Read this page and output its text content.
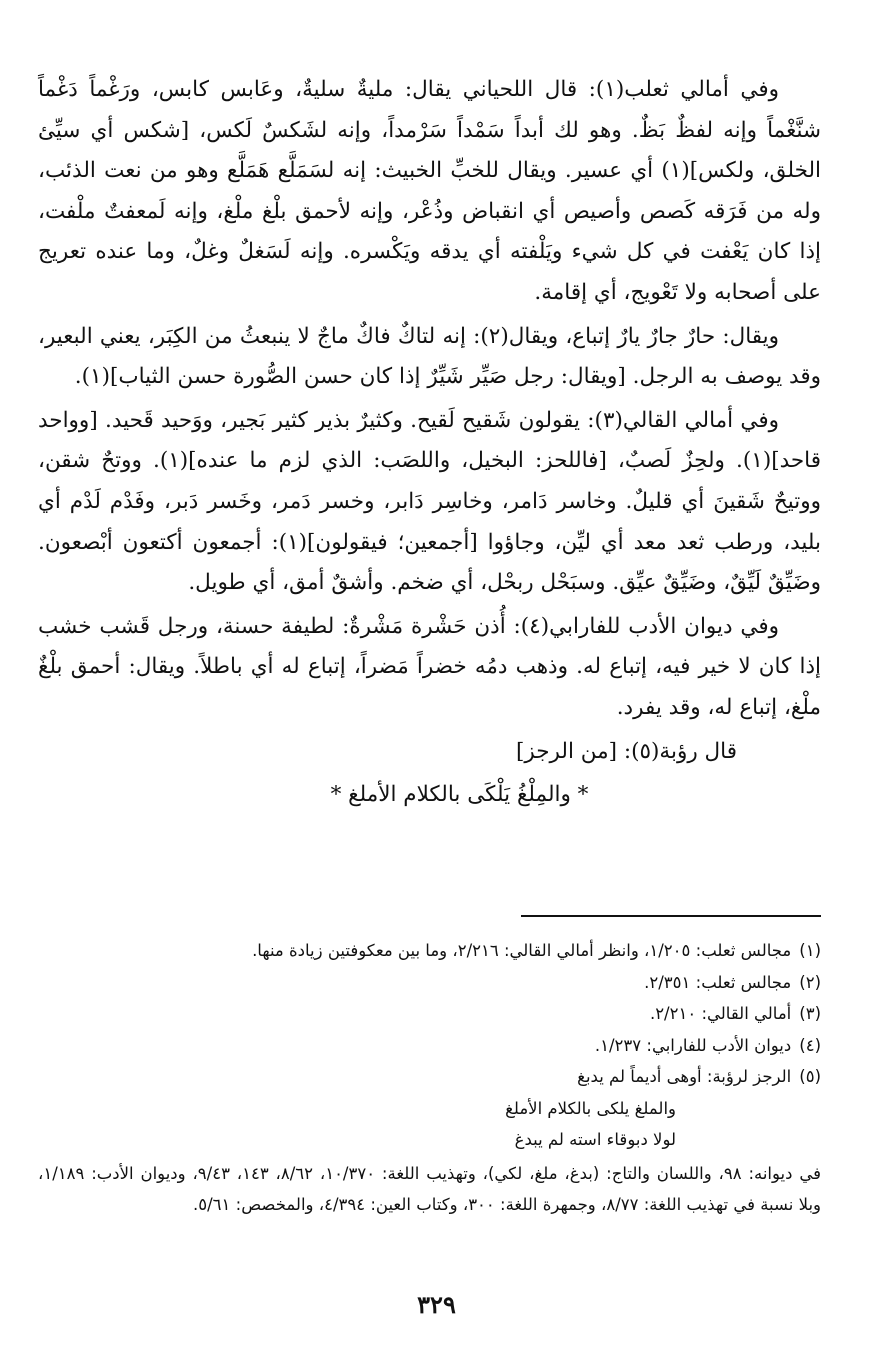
وفي أمالي ثعلب(١): قال اللحياني يقال: مليةٌ سليةٌ، وعَابس كابس، ورَغْماً دَغْماً شنَّغْماً وإنه لفظٌ بَظٌ. وهو لك أبداً سَمْداً سَرْمداً، وإنه لشَكسٌ لَكس، [شكس أي سيِّئ الخلق، ولكس](١) أي عسير. ويقال للخبِّ الخبيث: إنه لسَمَلَّع هَمَلَّع وهو من نعت الذئب، وله من فَرَقه كَصص وأصيص أي انقباض وذُعْر، وإنه لأحمق بلْغ ملْغ، وإنه لَمعفتٌ ملْفت، إذا كان يَعْفت في كل شيء ويَلْفته أي يدقه ويَكْسره. وإنه لَسَغلٌ وغلٌ، وما عنده تعريج على أصحابه ولا تَعْويج، أي إقامة.

ويقال: حارٌ جارٌ يارٌ إتباع، ويقال(٢): إنه لتاكٌ فاكٌ ماجٌ لا ينبعثُ من الكِبَر، يعني البعير، وقد يوصف به الرجل. [ويقال: رجل صَيِّر شَيِّرٌ إذا كان حسن الصُّورة حسن الثياب](١).

وفي أمالي القالي(٣): يقولون شَقيح لَقيح. وكثيرٌ بذير كثير بَجير، ووَحيد قَحيد. [وواحد قاحد](١). ولحِزٌ لَصبٌ، [فاللحز: البخيل، واللصَب: الذي لزم ما عنده](١). ووتحٌ شقن، ووتيحٌ شَقينَ أي قليلٌ. وخاسر دَامر، وخاسِر دَابر، وخسر دَمر، وخَسر دَبر، وفَدْم لَدْم أي بليد، ورطب ثعد معد أي ليِّن، وجاؤوا [أجمعين؛ فيقولون](١): أجمعون أكتعون أبْصعون. وضَيِّقٌ لَيِّقٌ، وضَيِّقٌ عيِّق. وسبَحْل ربحْل، أي ضخم. وأشقٌ أمق، أي طويل.

وفي ديوان الأدب للفارابي(٤): أُذن حَشْرة مَشْرةٌ: لطيفة حسنة، ورجل قَشب خشب إذا كان لا خير فيه، إتباع له. وذهب دمُه خضراً مَضراً، إتباع له أي باطلاً. ويقال: أحمق بلْغٌ ملْغ، إتباع له، وقد يفرد.

قال رؤبة(٥): [من الرجز]

* والمِلْغُ يَلْكَى بالكلام الأملغ *

(١)مجالس ثعلب: ١/٢٠٥، وانظر أمالي القالي: ٢/٢١٦، وما بين معكوفتين زيادة منها.
(٢)مجالس ثعلب: ٢/٣٥١.
(٣)أمالي القالي: ٢/٢١٠.
(٤)ديوان الأدب للفارابي: ١/٢٣٧.
(٥)الرجز لرؤبة: أوهى أديماً لم يدبغ
والملغ يلكى بالكلام الأملغ
لولا دبوقاء استه لم يبدغ
في ديوانه: ٩٨، واللسان والتاج: (بدغ، ملغ، لكي)، وتهذيب اللغة: ١٠/٣٧٠، ٨/٦٢، ١٤٣، ٩/٤٣، وديوان الأدب: ١/١٨٩، وبلا نسبة في تهذيب اللغة: ٨/٧٧، وجمهرة اللغة: ٣٠٠، وكتاب العين: ٤/٣٩٤، والمخصص: ٥/٦١.
٣٢٩
